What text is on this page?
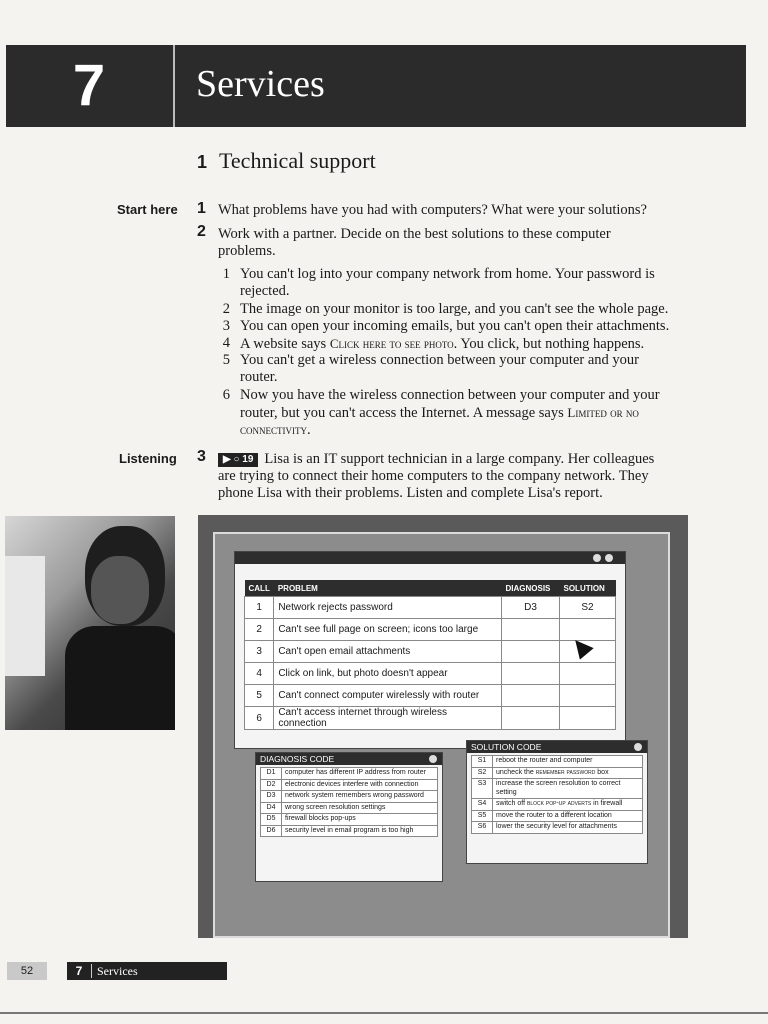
7	Services
1 Technical support
Start here 1 What problems have you had with computers? What were your solutions?
2 Work with a partner. Decide on the best solutions to these computer
problems.
1 You can't log into your company network from home. Your password is
rejected.
2 The image on your monitor is too large, and you can't see the whole page.
3 You can open your incoming emails, but you can't open their attachments.
4 A website says Click here to see photo. You click, but nothing happens.
5 You can't get a wireless connection between your computer and your
router.
6 Now you have the wireless connection between your computer and your
router, but you can't access the Internet. A message says Limited or no
connectivity.
Listening 3	▶ ○ 19 Lisa is an IT support technician in a large company. Her colleagues
are trying to connect their home computers to the company network. They
phone Lisa with their problems. Listen and complete Lisa's report.
CALL	PROBLEM	DIAGNOSIS	SOLUTION
1	Network rejects password	D3	S2
2	Can't see full page on screen; icons too large		
3	Can't open email attachments		
4	Click on link, but photo doesn't appear		
5	Can't connect computer wirelessly with router		
6	Can't access internet through wireless connection		
DIAGNOSIS CODE
D1	computer has different IP address from router
D2	electronic devices interfere with connection
D3	network system remembers wrong password
D4	wrong screen resolution settings
D5	firewall blocks pop-ups
D6	security level in email program is too high
SOLUTION CODE
S1	reboot the router and computer
S2	uncheck the remember password box
S3	increase the screen resolution to correct setting
S4	switch off block pop-up adverts in firewall
S5	move the router to a different location
S6	lower the security level for attachments
52	7	Services
